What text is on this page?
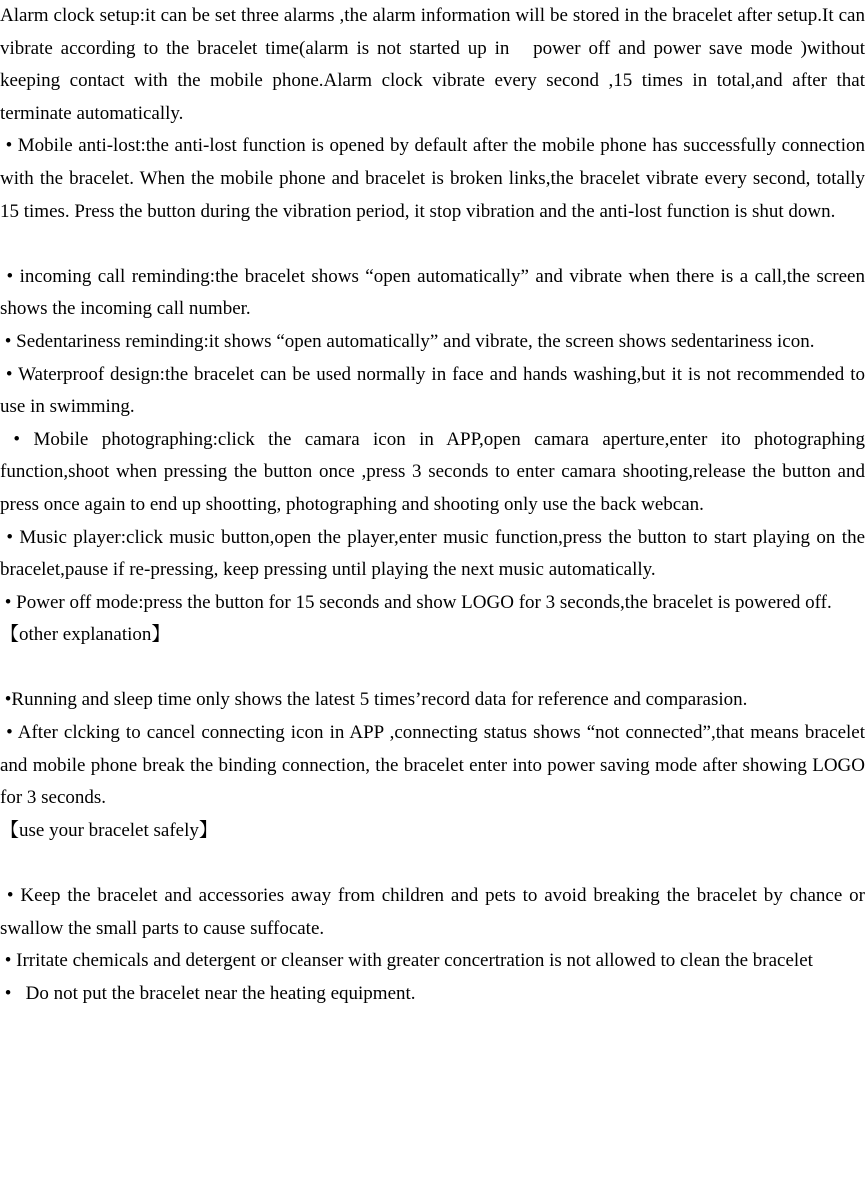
Alarm clock setup:it can be set three alarms ,the alarm information will be stored in the bracelet after setup.It can vibrate according to the bracelet time(alarm is not started up in   power off and power save mode )without keeping contact with the mobile phone.Alarm clock vibrate every second ,15 times in total,and after that terminate automatically.

• Mobile anti-lost:the anti-lost function is opened by default after the mobile phone has successfully connection with the bracelet. When the mobile phone and bracelet is broken links,the bracelet vibrate every second, totally 15 times. Press the button during the vibration period, it stop vibration and the anti-lost function is shut down.

• incoming call reminding:the bracelet shows “open automatically” and vibrate when there is a call,the screen shows the incoming call number.

• Sedentariness reminding:it shows “open automatically” and vibrate, the screen shows sedentariness icon.

• Waterproof design:the bracelet can be used normally in face and hands washing,but it is not recommended to use in swimming.

• Mobile photographing:click the camara icon in APP,open camara aperture,enter ito photographing function,shoot when pressing the button once ,press 3 seconds to enter camara shooting,release the button and press once again to end up shootting, photographing and shooting only use the back webcan.

• Music player:click music button,open the player,enter music function,press the button to start playing on the bracelet,pause if re-pressing, keep pressing until playing the next music automatically.

• Power off mode:press the button for 15 seconds and show LOGO for 3 seconds,the bracelet is powered off.

【other explanation】

•Running and sleep time only shows the latest 5 times’record data for reference and comparasion.

• After clcking to cancel connecting icon in APP ,connecting status shows “not connected”,that means bracelet and mobile phone break the binding connection, the bracelet enter into power saving mode after showing LOGO for 3 seconds.

【use your bracelet safely】

• Keep the bracelet and accessories away from children and pets to avoid breaking the bracelet by chance or swallow the small parts to cause suffocate.

• Irritate chemicals and detergent or cleanser with greater concertration is not allowed to clean the bracelet

•   Do not put the bracelet near the heating equipment.
